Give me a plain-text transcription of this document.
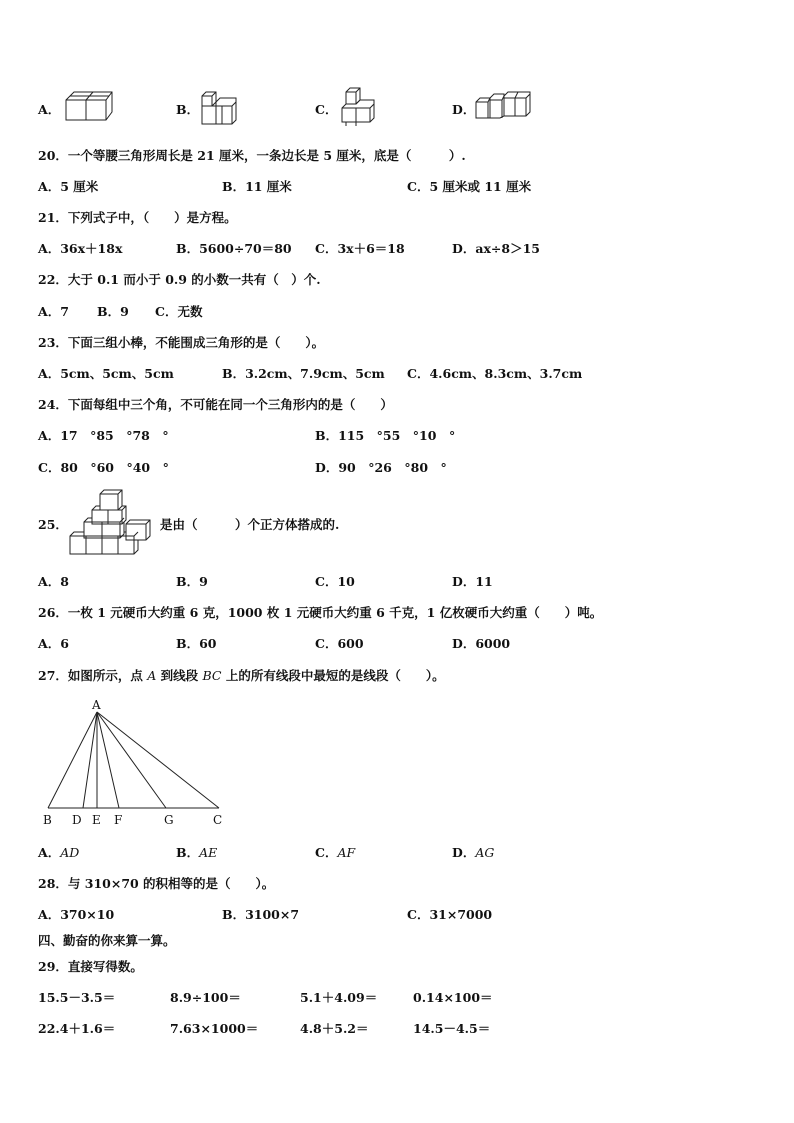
A．	B．	C．	D．
20．一个等腰三角形周长是 21 厘米，一条边长是 5 厘米，底是（　　　）.
A．5 厘米	B．11 厘米	C．5 厘米或 11 厘米
21．下列式子中，（　　）是方程。
A．36x＋18x	B．5600÷70＝80 C．3x＋6＝18	D．ax÷8＞15
22．大于 0.1 而小于 0.9 的小数一共有（　）个.
A．7 B．9 C．无数
23．下面三组小棒，不能围成三角形的是（　　）。
A．5cm、5cm、5cm	B．3.2cm、7.9cm、5cm C．4.6cm、8.3cm、3.7cm
24．下面每组中三个角，不可能在同一个三角形内的是（　　）
A．17　°85　°78　°	B．115　°55　°10　°
C．80　°60　°40　°	D．90　°26　°80　°
25．	是由（　　　）个正方体搭成的.
A．8	B．9	C．10	D．11
26．一枚 1 元硬币大约重 6 克，1000 枚 1 元硬币大约重 6 千克，1 亿枚硬币大约重（　　）吨。
A．6	B．60	C．600	D．6000
27．如图所示，点 A 到线段 BC 上的所有线段中最短的是线段（　　）。
A
B D E F	G	C
A．AD	B．AE	C．AF	D．AG
28．与 310×70 的积相等的是（　　）。
A．370×10	B．3100×7	C．31×7000
四、勤奋的你来算一算。
29．直接写得数。
15.5－3.5＝	8.9÷100＝	5.1＋4.09＝	0.14×100＝
22.4＋1.6＝	7.63×1000＝	4.8＋5.2＝	14.5－4.5＝
